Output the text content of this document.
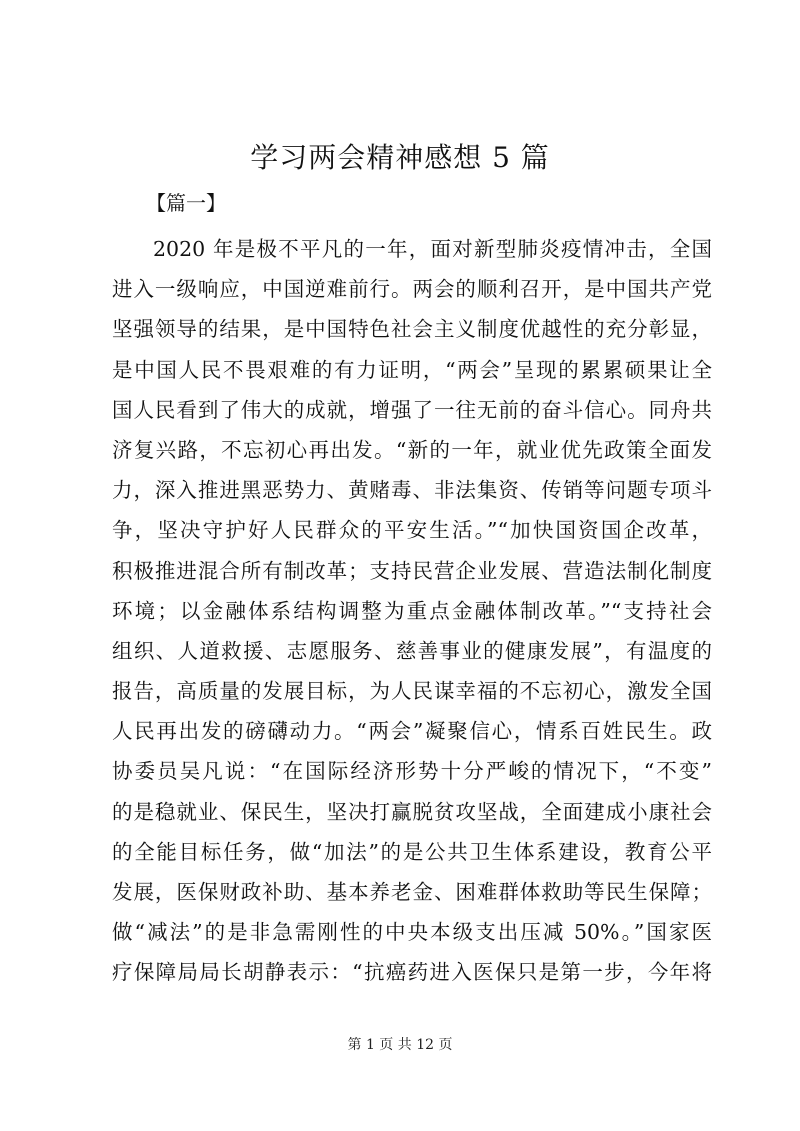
学习两会精神感想 5 篇
【篇一】
2020 年是极不平凡的一年，面对新型肺炎疫情冲击，全国
进入一级响应，中国逆难前行。两会的顺利召开，是中国共产党
坚强领导的结果，是中国特色社会主义制度优越性的充分彰显，
是中国人民不畏艰难的有力证明，“两会”呈现的累累硕果让全
国人民看到了伟大的成就，增强了一往无前的奋斗信心。同舟共
济复兴路，不忘初心再出发。“新的一年，就业优先政策全面发
力，深入推进黑恶势力、黄赌毒、非法集资、传销等问题专项斗
争，坚决守护好人民群众的平安生活。”“加快国资国企改革，
积极推进混合所有制改革；支持民营企业发展、营造法制化制度
环境；以金融体系结构调整为重点金融体制改革。”“支持社会
组织、人道救援、志愿服务、慈善事业的健康发展”，有温度的
报告，高质量的发展目标，为人民谋幸福的不忘初心，激发全国
人民再出发的磅礴动力。“两会”凝聚信心，情系百姓民生。政
协委员吴凡说：“在国际经济形势十分严峻的情况下，“不变”
的是稳就业、保民生，坚决打赢脱贫攻坚战，全面建成小康社会
的全能目标任务，做“加法”的是公共卫生体系建设，教育公平
发展，医保财政补助、基本养老金、困难群体救助等民生保障；
做“减法”的是非急需刚性的中央本级支出压减 50%。”国家医
疗保障局局长胡静表示：“抗癌药进入医保只是第一步，今年将
第 1 页 共 12 页
